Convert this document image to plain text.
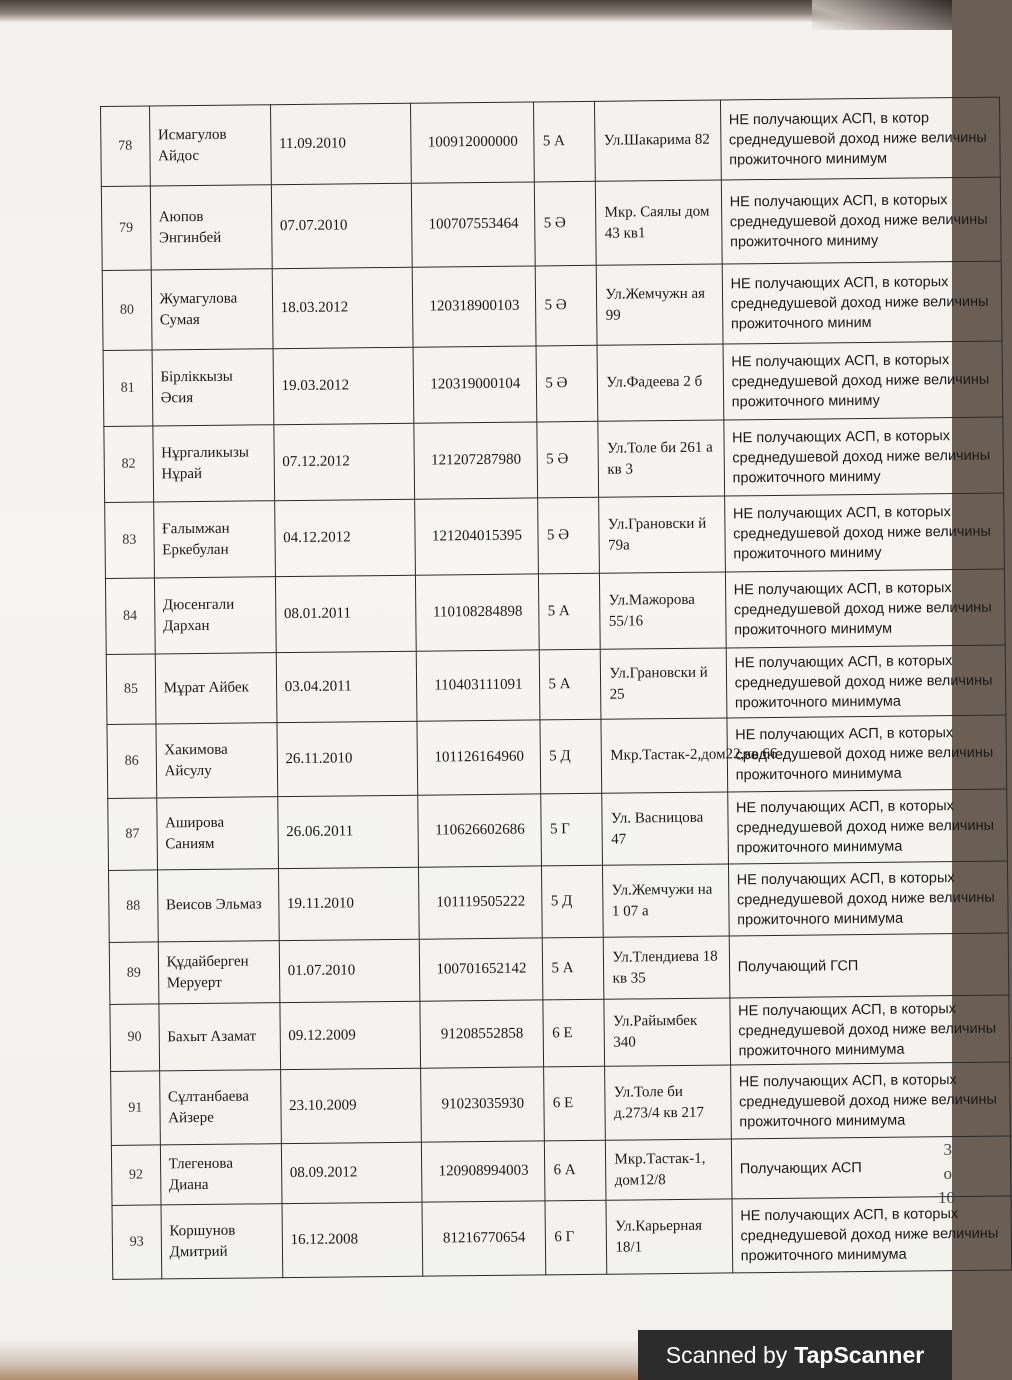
78	Исмагулов Айдос	11.09.2010	100912000000	5 А	Ул.Шакарима 82	НЕ получающих АСП, в котор среднедушевой доход ниже величины прожиточного минимум
79	Аюпов Энгинбей	07.07.2010	100707553464	5 Ә	Мкр. Саялы дом 43 кв1	НЕ получающих АСП, в которых среднедушевой доход ниже величины прожиточного миниму
80	Жумагулова Сумая	18.03.2012	120318900103	5 Ә	Ул.Жемчужн ая 99	НЕ получающих АСП, в которых среднедушевой доход ниже величины прожиточного миним
81	Бірліккызы Әсия	19.03.2012	120319000104	5 Ә	Ул.Фадеева 2 б	НЕ получающих АСП, в которых среднедушевой доход ниже величины прожиточного миниму
82	Нұргаликызы Нұрай	07.12.2012	121207287980	5 Ә	Ул.Толе би 261 а кв 3	НЕ получающих АСП, в которых среднедушевой доход ниже величины прожиточного миниму
83	Ғалымжан Еркебулан	04.12.2012	121204015395	5 Ә	Ул.Грановски й 79а	НЕ получающих АСП, в которых среднедушевой доход ниже величины прожиточного миниму
84	Дюсенгали Дархан	08.01.2011	110108284898	5 А	Ул.Мажорова 55/16	НЕ получающих АСП, в которых среднедушевой доход ниже величины прожиточного минимум
85	Мұрат Айбек	03.04.2011	110403111091	5 А	Ул.Грановски й 25	НЕ получающих АСП, в которых среднедушевой доход ниже величины прожиточного минимума
86	Хакимова Айсулу	26.11.2010	101126164960	5 Д	Мкр.Тастак-2,дом22,кв.66	НЕ получающих АСП, в которых среднедушевой доход ниже величины прожиточного минимума
87	Аширова Саниям	26.06.2011	110626602686	5 Г	Ул. Васницова 47	НЕ получающих АСП, в которых среднедушевой доход ниже величины прожиточного минимума
88	Веисов Эльмаз	19.11.2010	101119505222	5 Д	Ул.Жемчужи на 1 07 а	НЕ получающих АСП, в которых среднедушевой доход ниже величины прожиточного минимума
89	Құдайберген Меруерт	01.07.2010	100701652142	5 А	Ул.Тлендиева 18 кв 35	Получающий ГСП
90	Бахыт Азамат	09.12.2009	91208552858	6 Е	Ул.Райымбек 340	НЕ получающих АСП, в которых среднедушевой доход ниже величины прожиточного минимума
91	Сұлтанбаева Айзере	23.10.2009	91023035930	6 Е	Ул.Толе би д.273/4 кв 217	НЕ получающих АСП, в которых среднедушевой доход ниже величины прожиточного минимума
92	Тлегенова Диана	08.09.2012	120908994003	6 А	Мкр.Тастак-1, дом12/8	Получающих АСП
93	Коршунов Дмитрий	16.12.2008	81216770654	6 Г	Ул.Карьерная 18/1	НЕ получающих АСП, в которых среднедушевой доход ниже величины прожиточного минимума
3 о 10
Scanned by TapScanner
